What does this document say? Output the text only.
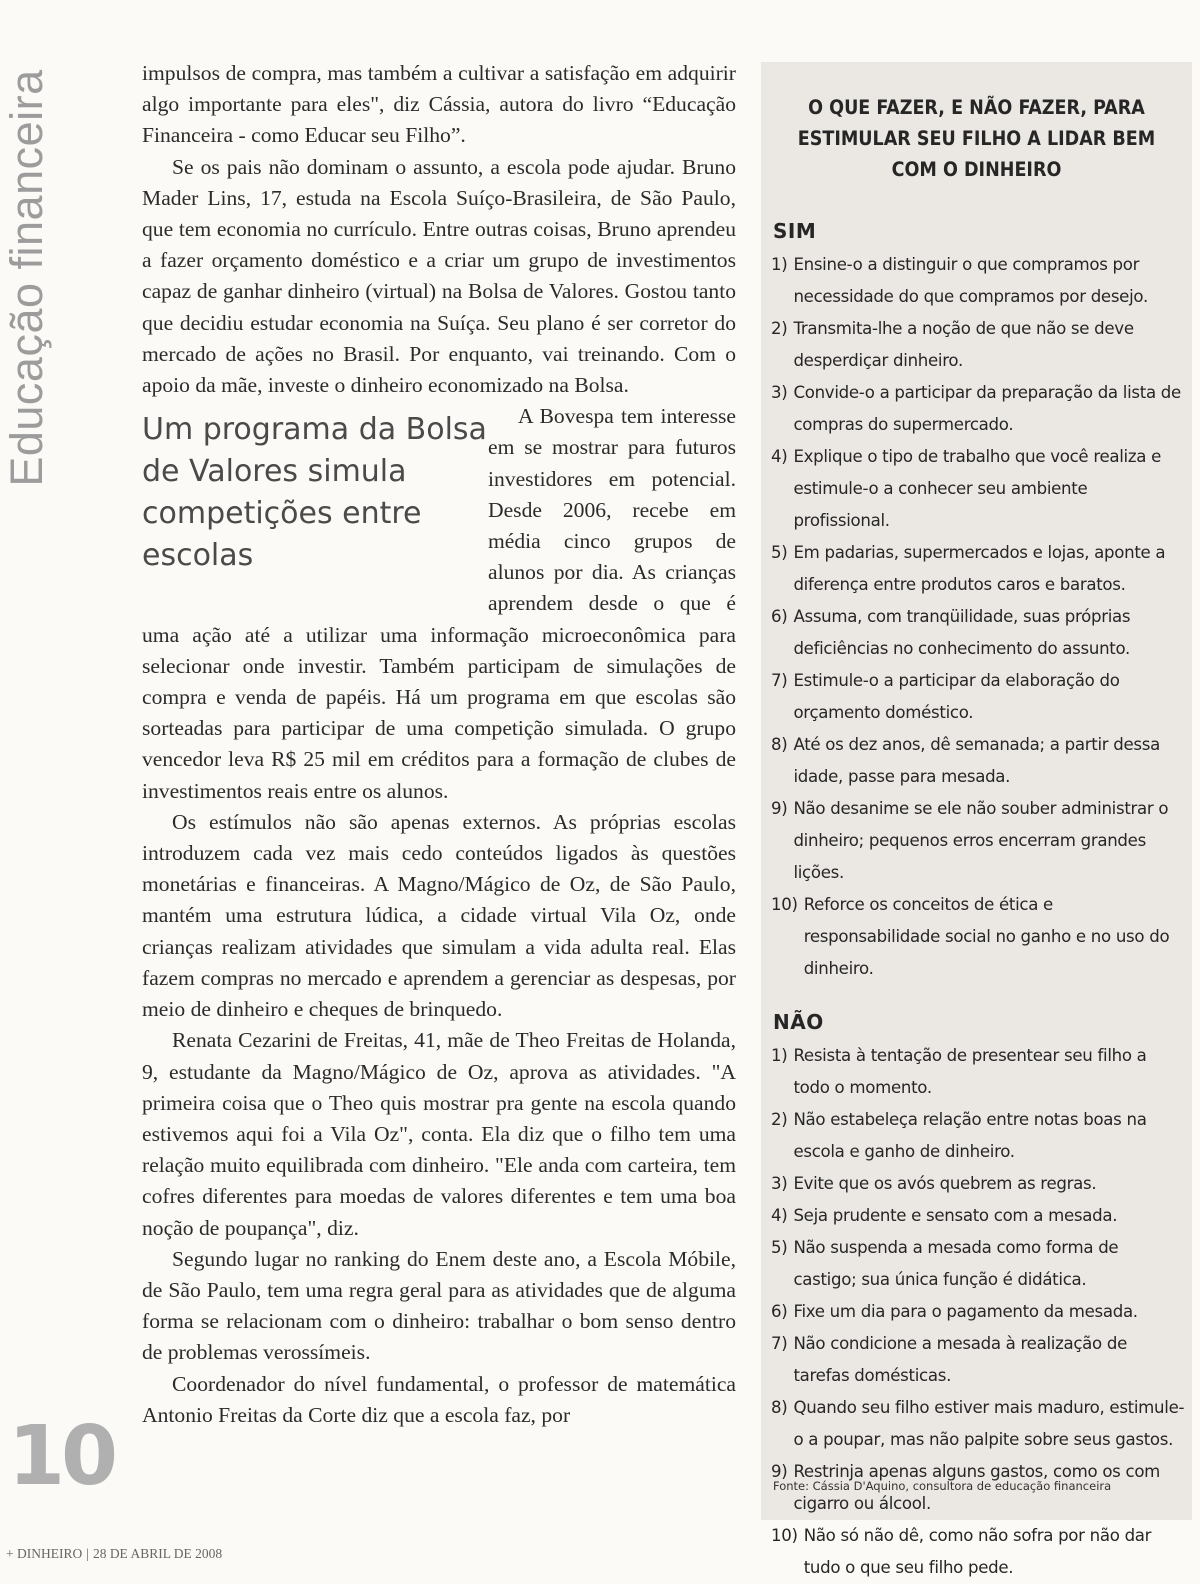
Educação financeira	impulsos de compra, mas também a cultivar a satisfação em adquirir algo importante para eles", diz Cássia, autora do livro “Educação Financeira - como Educar seu Filho”.

Se os pais não dominam o assunto, a escola pode ajudar. Bruno Mader Lins, 17, estuda na Escola Suíço-Brasileira, de São Paulo, que tem economia no currículo. Entre outras coisas, Bruno aprendeu a fazer orçamento doméstico e a criar um grupo de investimentos capaz de ganhar dinheiro (virtual) na Bolsa de Valores. Gostou tanto que decidiu estudar economia na Suíça. Seu plano é ser corretor do mercado de ações no Brasil. Por enquanto, vai treinando. Com o apoio da mãe, investe o dinheiro economizado na Bolsa.

Um programa da Bolsa de Valores simula competições entre escolas

A Bovespa tem interesse em se mostrar para futuros investidores em potencial. Desde 2006, recebe em média cinco grupos de alunos por dia. As crianças aprendem desde o que é uma ação até a utilizar uma informação microeconômica para selecionar onde investir. Também participam de simulações de compra e venda de papéis. Há um programa em que escolas são sorteadas para participar de uma competição simulada. O grupo vencedor leva R$ 25 mil em créditos para a formação de clubes de investimentos reais entre os alunos.

Os estímulos não são apenas externos. As próprias escolas introduzem cada vez mais cedo conteúdos ligados às questões monetárias e financeiras. A Magno/Mágico de Oz, de São Paulo, mantém uma estrutura lúdica, a cidade virtual Vila Oz, onde crianças realizam atividades que simulam a vida adulta real. Elas fazem compras no mercado e aprendem a gerenciar as despesas, por meio de dinheiro e cheques de brinquedo.

Renata Cezarini de Freitas, 41, mãe de Theo Freitas de Holanda, 9, estudante da Magno/Mágico de Oz, aprova as atividades. "A primeira coisa que o Theo quis mostrar pra gente na escola quando estivemos aqui foi a Vila Oz", conta. Ela diz que o filho tem uma relação muito equilibrada com dinheiro. "Ele anda com carteira, tem cofres diferentes para moedas de valores diferentes e tem uma boa noção de poupança", diz.

Segundo lugar no ranking do Enem deste ano, a Escola Móbile, de São Paulo, tem uma regra geral para as atividades que de alguma forma se relacionam com o dinheiro: trabalhar o bom senso dentro de problemas verossímeis.

Coordenador do nível fundamental, o professor de matemática Antonio Freitas da Corte diz que a escola faz, por

O QUE FAZER, E NÃO FAZER, PARA ESTIMULAR SEU FILHO A LIDAR BEM COM O DINHEIRO
SIM
1) Ensine-o a distinguir o que compramos por necessidade do que compramos por desejo.
2) Transmita-lhe a noção de que não se deve desperdiçar dinheiro.
3) Convide-o a participar da preparação da lista de compras do supermercado.
4) Explique o tipo de trabalho que você realiza e estimule-o a conhecer seu ambiente profissional.
5) Em padarias, supermercados e lojas, aponte a diferença entre produtos caros e baratos.
6) Assuma, com tranqüilidade, suas próprias deficiências no conhecimento do assunto.
7) Estimule-o a participar da elaboração do orçamento doméstico.
8) Até os dez anos, dê semanada; a partir dessa idade, passe para mesada.
9) Não desanime se ele não souber administrar o dinheiro; pequenos erros encerram grandes lições.
10) Reforce os conceitos de ética e responsabilidade social no ganho e no uso do dinheiro.
NÃO
1) Resista à tentação de presentear seu filho a todo o momento.
2) Não estabeleça relação entre notas boas na escola e ganho de dinheiro.
3) Evite que os avós quebrem as regras.
4) Seja prudente e sensato com a mesada.
5) Não suspenda a mesada como forma de castigo; sua única função é didática.
6) Fixe um dia para o pagamento da mesada.
7) Não condicione a mesada à realização de tarefas domésticas.
8) Quando seu filho estiver mais maduro, estimule-o a poupar, mas não palpite sobre seus gastos.
9) Restrinja apenas alguns gastos, como os com cigarro ou álcool.
10) Não só não dê, como não sofra por não dar tudo o que seu filho pede.
Fonte: Cássia D'Aquino, consultora de educação financeira
10
+ DINHEIRO | 28 DE ABRIL DE 2008
